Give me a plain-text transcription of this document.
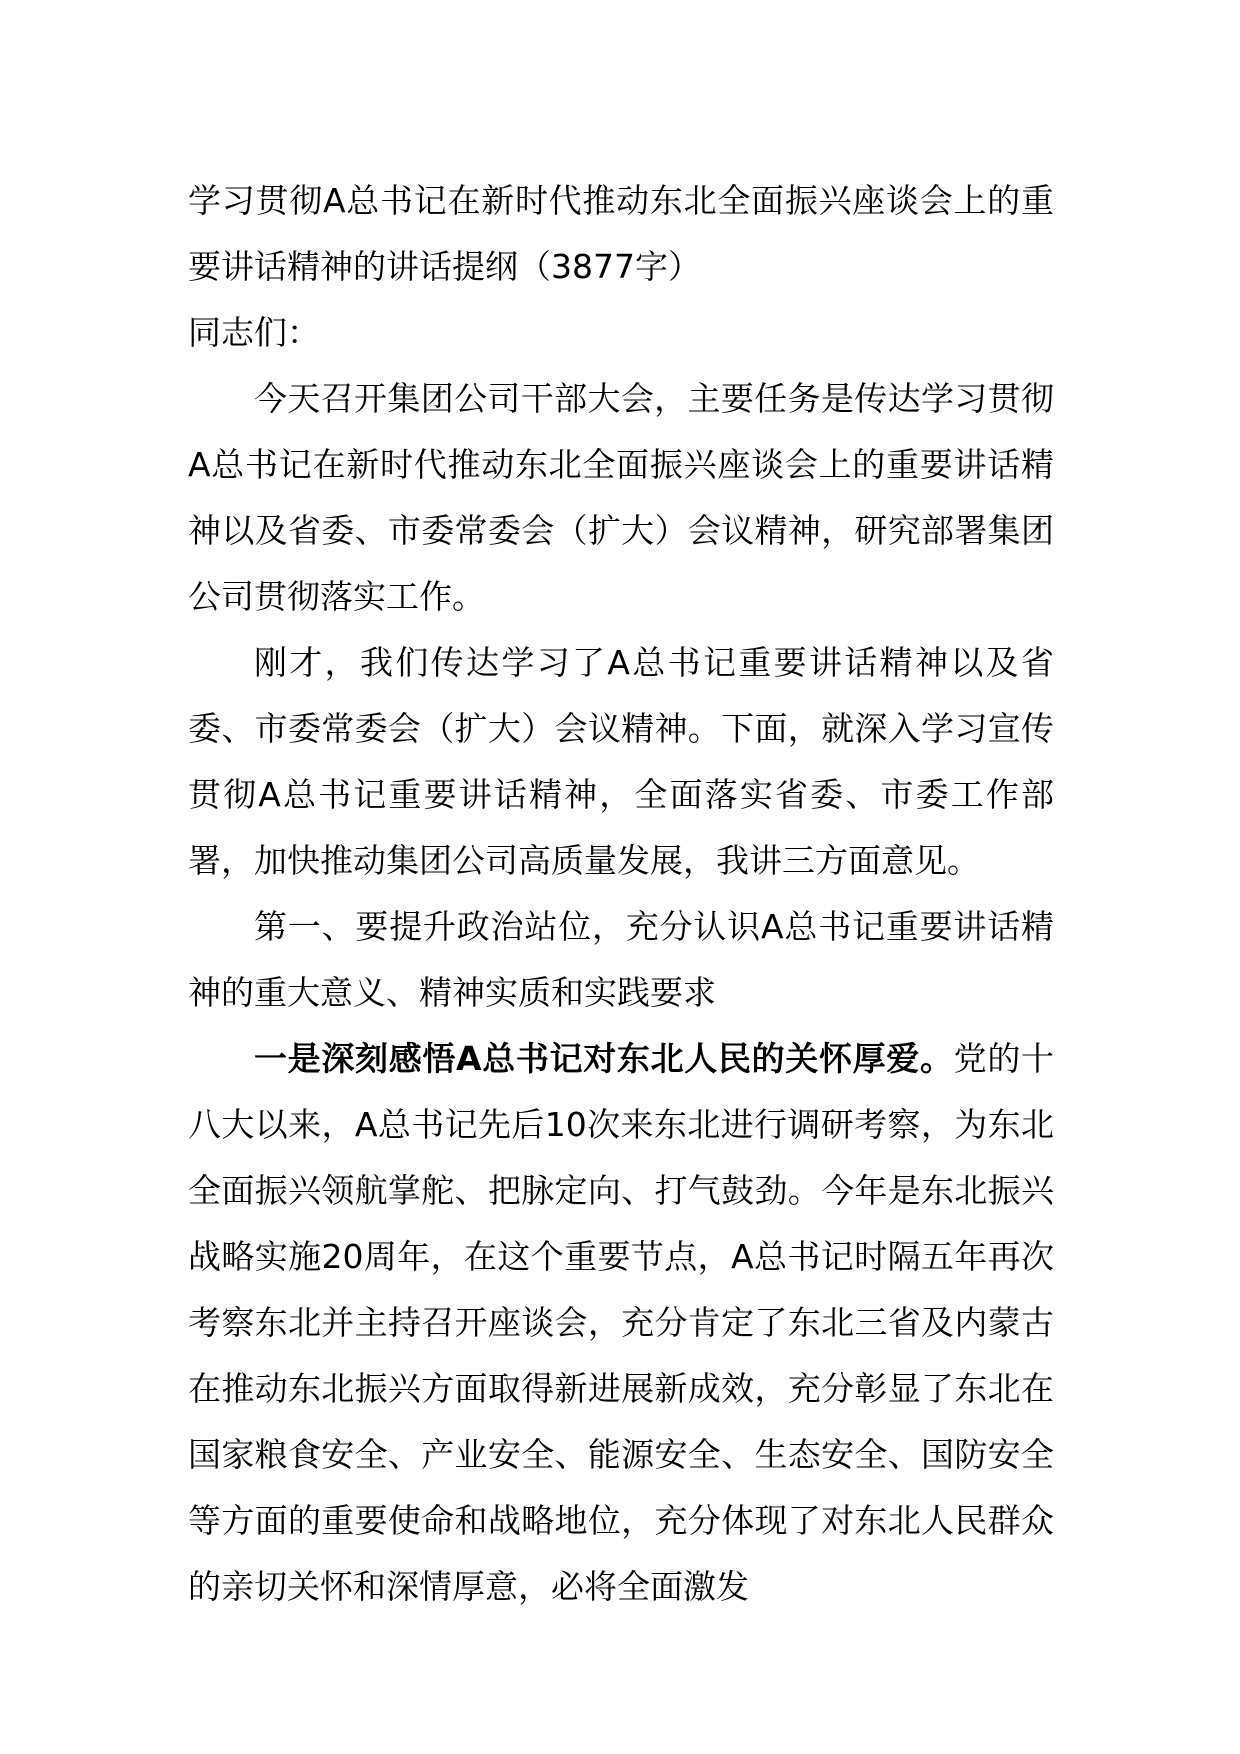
学习贯彻A总书记在新时代推动东北全面振兴座谈会上的重要讲话精神的讲话提纲（3877字）

同志们：

今天召开集团公司干部大会，主要任务是传达学习贯彻A总书记在新时代推动东北全面振兴座谈会上的重要讲话精神以及省委、市委常委会（扩大）会议精神，研究部署集团公司贯彻落实工作。

刚才，我们传达学习了A总书记重要讲话精神以及省委、市委常委会（扩大）会议精神。下面，就深入学习宣传贯彻A总书记重要讲话精神，全面落实省委、市委工作部署，加快推动集团公司高质量发展，我讲三方面意见。

第一、要提升政治站位，充分认识A总书记重要讲话精神的重大意义、精神实质和实践要求

一是深刻感悟A总书记对东北人民的关怀厚爱。党的十八大以来，A总书记先后10次来东北进行调研考察，为东北全面振兴领航掌舵、把脉定向、打气鼓劲。今年是东北振兴战略实施20周年，在这个重要节点，A总书记时隔五年再次考察东北并主持召开座谈会，充分肯定了东北三省及内蒙古在推动东北振兴方面取得新进展新成效，充分彰显了东北在国家粮食安全、产业安全、能源安全、生态安全、国防安全等方面的重要使命和战略地位，充分体现了对东北人民群众的亲切关怀和深情厚意，必将全面激发
